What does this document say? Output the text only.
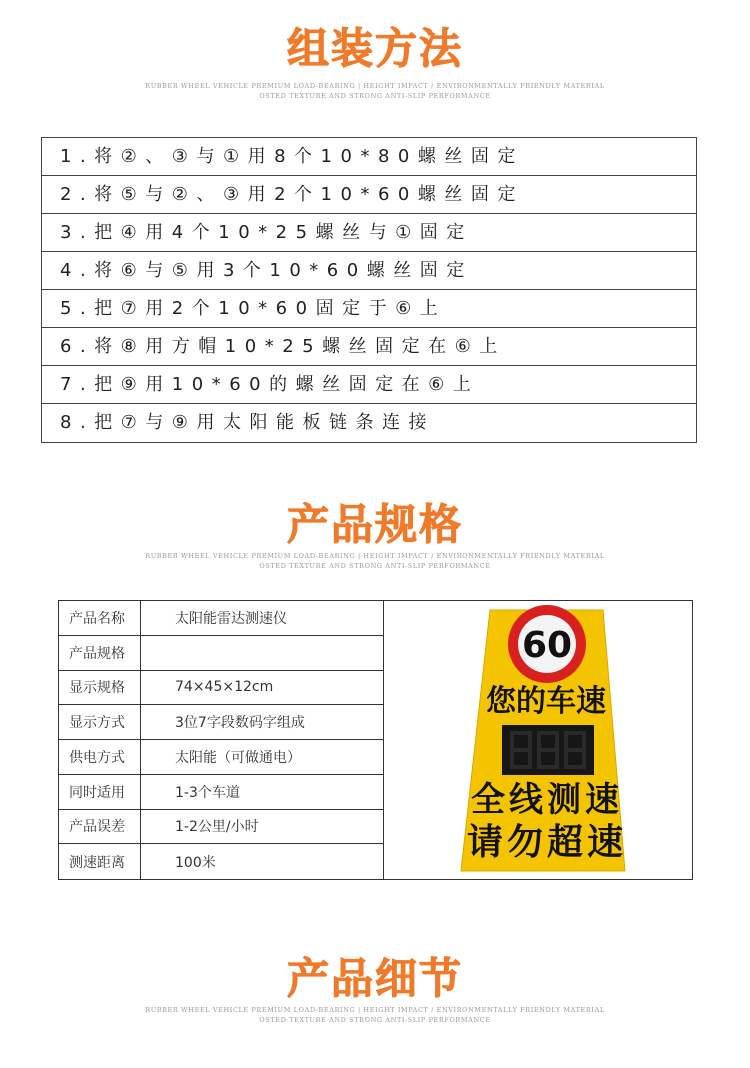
组装方法
RUBBER WHEEL VEHICLE PREMIUM LOAD-BEARING | HEIGHT IMPACT / ENVIRONMENTALLY FRIENDLY MATERIAL
OSTED TEXTURE AND STRONG ANTI-SLIP PERFORMANCE
1.将②、③与①用8个10*80螺丝固定
2.将⑤与②、③用2个10*60螺丝固定
3.把④用4个10*25螺丝与①固定
4.将⑥与⑤用3个10*60螺丝固定
5.把⑦用2个10*60固定于⑥上
6.将⑧用方帽10*25螺丝固定在⑥上
7.把⑨用10*60的螺丝固定在⑥上
8.把⑦与⑨用太阳能板链条连接
产品规格
RUBBER WHEEL VEHICLE PREMIUM LOAD-BEARING | HEIGHT IMPACT / ENVIRONMENTALLY FRIENDLY MATERIAL
OSTED TEXTURE AND STRONG ANTI-SLIP PERFORMANCE
产品名称	太阳能雷达测速仪
产品规格
显示规格	74×45×12cm
显示方式	3位7字段数码字组成
供电方式	太阳能（可做通电）
同时适用	1-3个车道
产品误差	1-2公里/小时
测速距离	100米
60
您的车速
全线测速
请勿超速
产品细节
RUBBER WHEEL VEHICLE PREMIUM LOAD-BEARING | HEIGHT IMPACT / ENVIRONMENTALLY FRIENDLY MATERIAL
OSTED TEXTURE AND STRONG ANTI-SLIP PERFORMANCE
